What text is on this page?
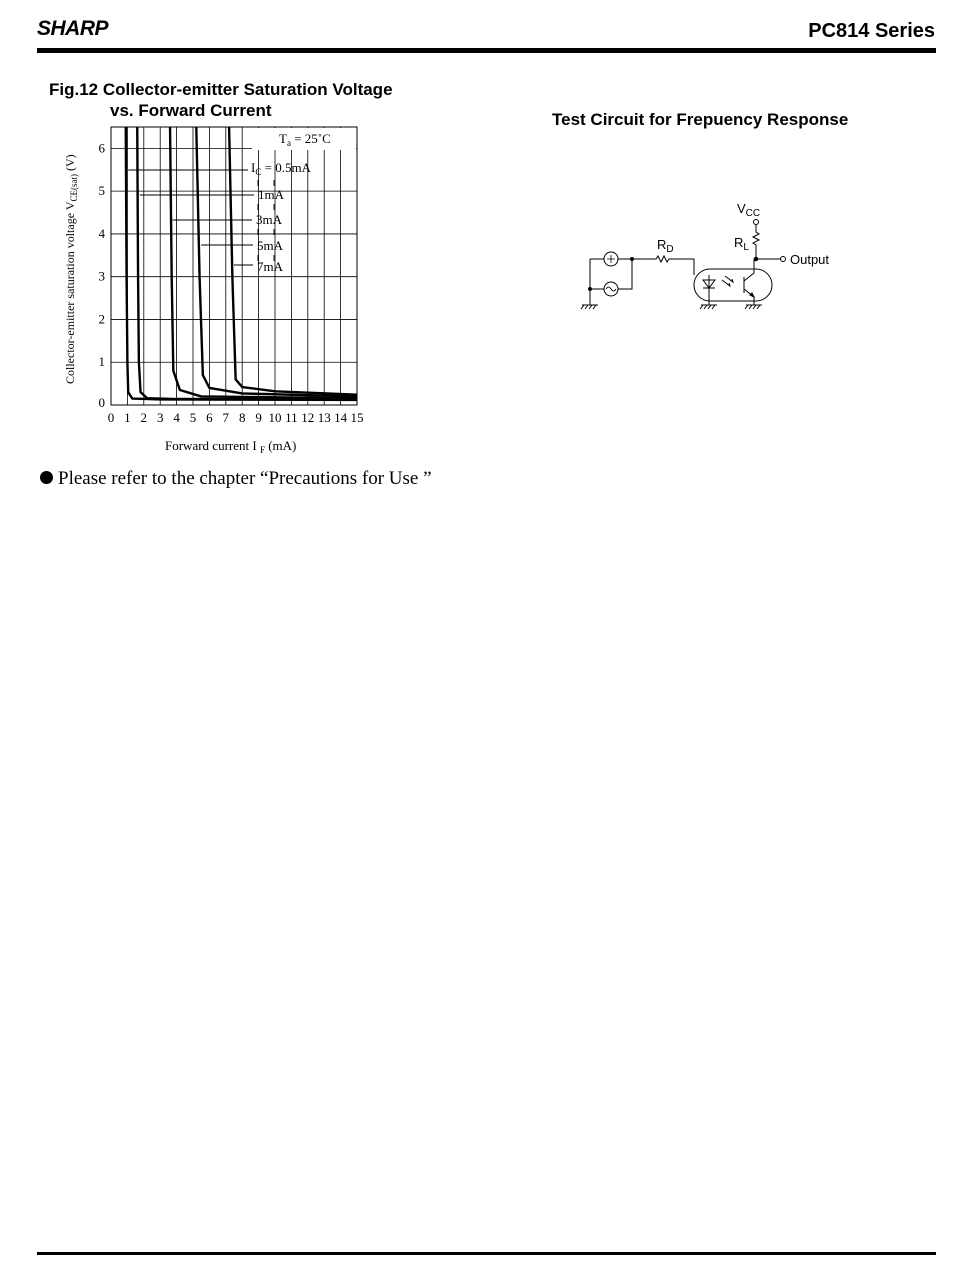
SHARP	PC814 Series
Fig.12 Collector-emitter Saturation Voltage
vs. Forward Current
0 1 2 3 4 5 6 7 8 9 10 11 12 13 14 15
0
1
2
3
4
5
6
$T_a$ = 25˚C
$I_C = 0.5mA$
1mA
3mA
5mA
7mA
Collector-emitter saturation voltage $V_{CE(sat)}$ (V)
Forward current I $_F$ (mA)
Test Circuit for Frepuency Response
$V_{CC}$
$R_D$	$R_L$
Output
Please refer to the chapter “Precautions for Use ”
